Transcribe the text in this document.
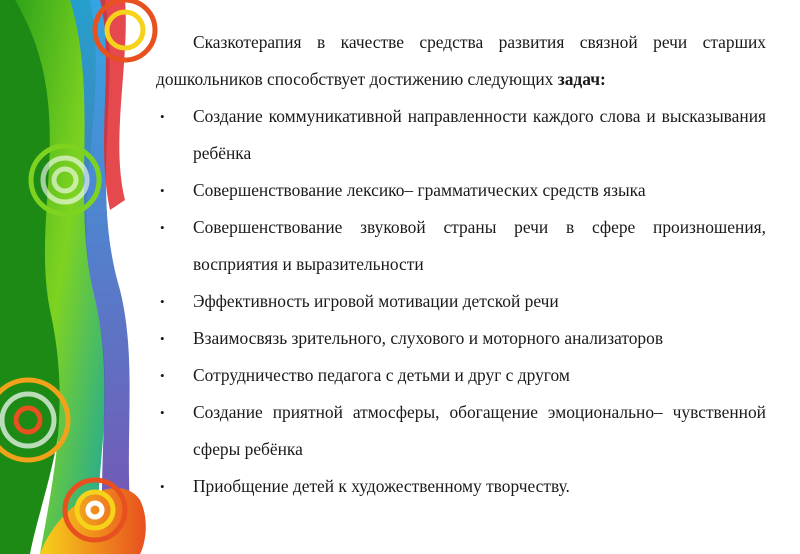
Сказкотерапия в качестве средства развития связной речи старших дошкольников способствует достижению следующих задач:

• Создание коммуникативной направленности каждого слова и высказывания ребёнка
• Совершенствование лексико– грамматических средств языка
• Совершенствование звуковой страны речи в сфере произношения, восприятия и выразительности
• Эффективность игровой мотивации детской речи
• Взаимосвязь зрительного, слухового и моторного анализаторов
• Сотрудничество педагога с детьми и друг с другом
• Создание приятной атмосферы, обогащение эмоционально– чувственной сферы ребёнка
• Приобщение детей к художественному творчеству.
